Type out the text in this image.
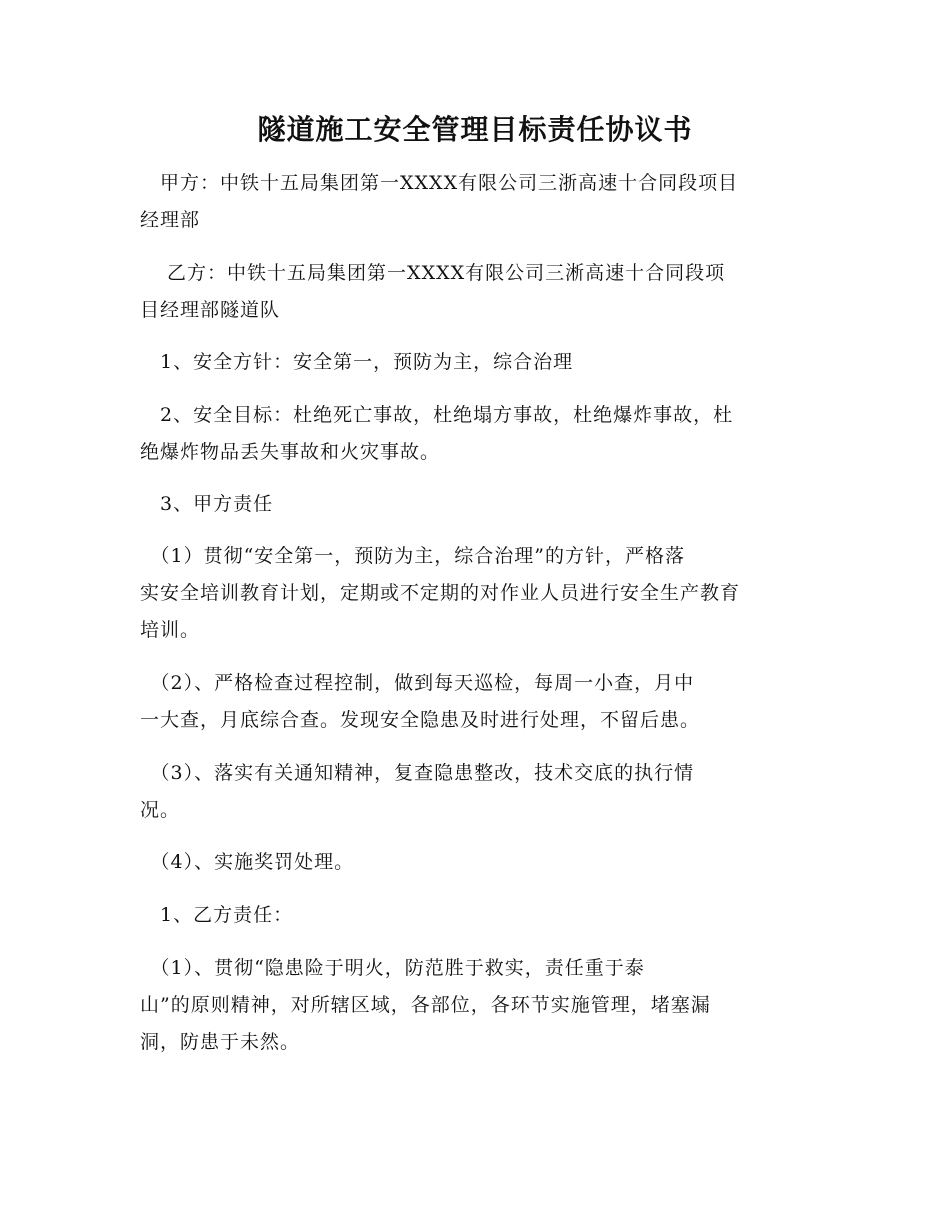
隧道施工安全管理目标责任协议书
　甲方：中铁十五局集团第一XXXX有限公司三浙高速十合同段项目
经理部
　 乙方：中铁十五局集团第一XXXX有限公司三淅高速十合同段项
目经理部隧道队
　1、安全方针：安全第一，预防为主，综合治理
　2、安全目标：杜绝死亡事故，杜绝塌方事故，杜绝爆炸事故，杜
绝爆炸物品丢失事故和火灾事故。
　3、甲方责任
　（1）贯彻“安全第一，预防为主，综合治理”的方针，严格落
实安全培训教育计划，定期或不定期的对作业人员进行安全生产教育
培训。
　（2）、严格检查过程控制，做到每天巡检，每周一小查，月中
一大查，月底综合查。发现安全隐患及时进行处理，不留后患。
　（3）、落实有关通知精神，复查隐患整改，技术交底的执行情
况。
　（4）、实施奖罚处理。
　1、乙方责任：
　（1）、贯彻“隐患险于明火，防范胜于救实，责任重于泰
山”的原则精神，对所辖区域，各部位，各环节实施管理，堵塞漏
洞，防患于未然。
